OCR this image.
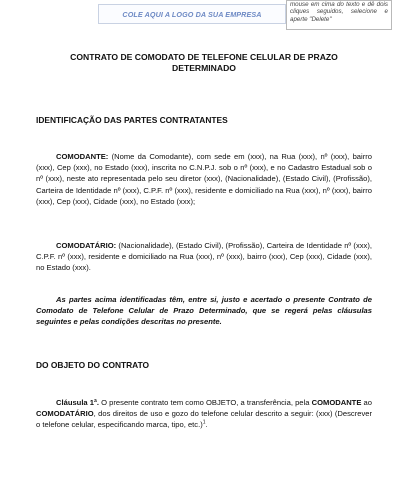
COLE AQUI A LOGO DA SUA EMPRESA
mouse em cima do texto e dê dois cliques seguidos, selecione e aperte "Delete"
CONTRATO DE COMODATO DE TELEFONE CELULAR DE PRAZO
DETERMINADO
IDENTIFICAÇÃO DAS PARTES CONTRATANTES
COMODANTE: (Nome da Comodante), com sede em (xxx), na Rua (xxx), nº (xxx), bairro (xxx), Cep (xxx), no Estado (xxx), inscrita no C.N.P.J. sob o nº (xxx), e no Cadastro Estadual sob o nº (xxx), neste ato representada pelo seu diretor (xxx), (Nacionalidade), (Estado Civil), (Profissão), Carteira de Identidade nº (xxx), C.P.F. nº (xxx), residente e domiciliado na Rua (xxx), nº (xxx), bairro (xxx), Cep (xxx), Cidade (xxx), no Estado (xxx);
COMODATÁRIO: (Nacionalidade), (Estado Civil), (Profissão), Carteira de Identidade nº (xxx), C.P.F. nº (xxx), residente e domiciliado na Rua (xxx), nº (xxx), bairro (xxx), Cep (xxx), Cidade (xxx), no Estado (xxx).
As partes acima identificadas têm, entre si, justo e acertado o presente Contrato de Comodato de Telefone Celular de Prazo Determinado, que se regerá pelas cláusulas seguintes e pelas condições descritas no presente.
DO OBJETO DO CONTRATO
Cláusula 1ª. O presente contrato tem como OBJETO, a transferência, pela COMODANTE ao COMODATÁRIO, dos direitos de uso e gozo do telefone celular descrito a seguir: (xxx) (Descrever o telefone celular, especificando marca, tipo, etc.)$^1$.
